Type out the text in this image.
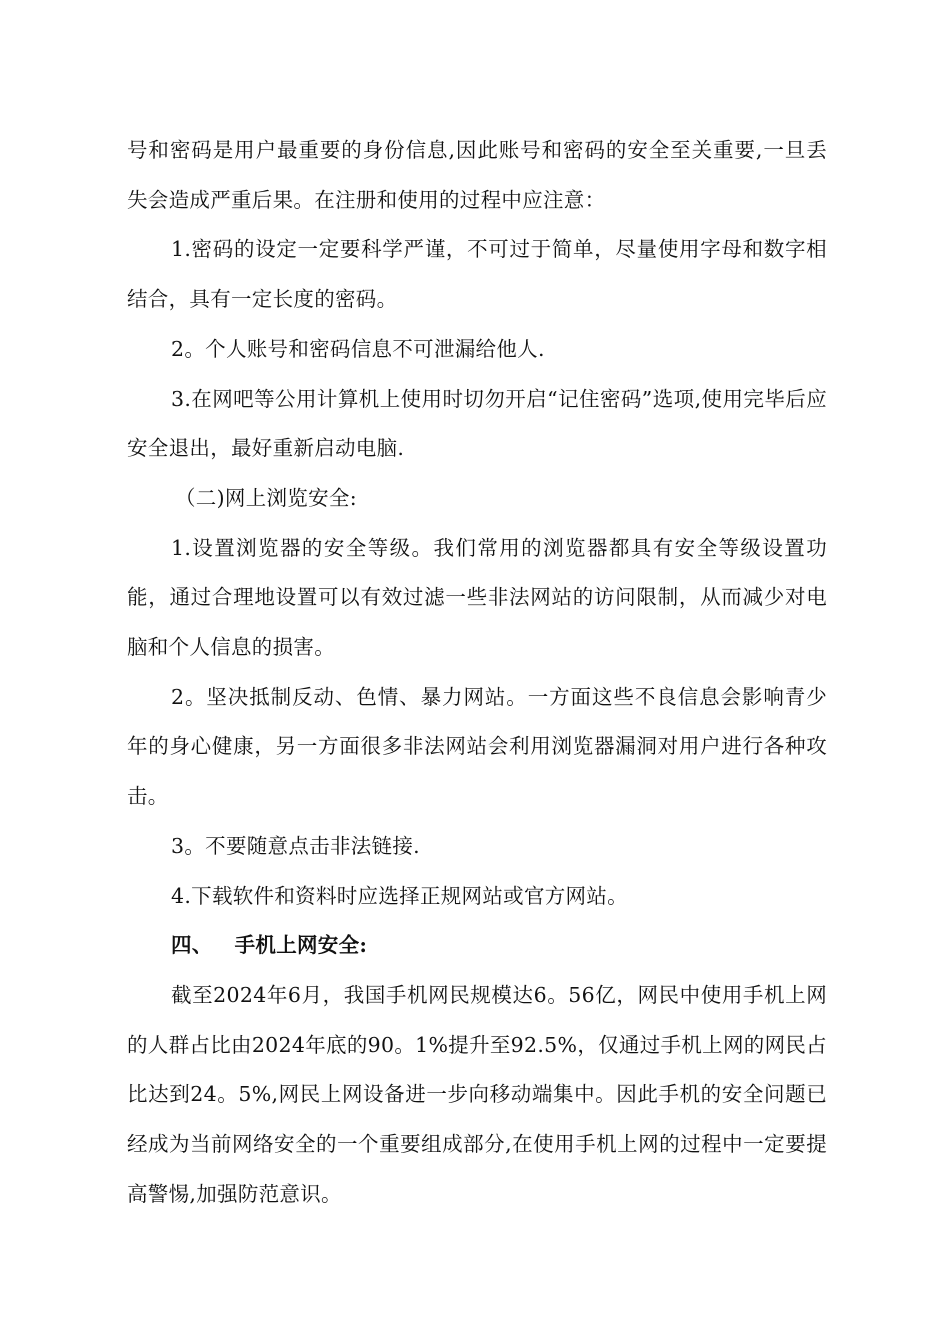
号和密码是用户最重要的身份信息,因此账号和密码的安全至关重要,一旦丢失会造成严重后果。在注册和使用的过程中应注意：

1.密码的设定一定要科学严谨，不可过于简单，尽量使用字母和数字相结合，具有一定长度的密码。

2。个人账号和密码信息不可泄漏给他人.

3.在网吧等公用计算机上使用时切勿开启“记住密码”选项,使用完毕后应安全退出，最好重新启动电脑.

（二)网上浏览安全:

1.设置浏览器的安全等级。我们常用的浏览器都具有安全等级设置功能，通过合理地设置可以有效过滤一些非法网站的访问限制，从而减少对电脑和个人信息的损害。

2。坚决抵制反动、色情、暴力网站。一方面这些不良信息会影响青少年的身心健康，另一方面很多非法网站会利用浏览器漏洞对用户进行各种攻击。

3。不要随意点击非法链接.

4.下载软件和资料时应选择正规网站或官方网站。

四、 手机上网安全:

截至2024年6月，我国手机网民规模达6。56亿，网民中使用手机上网的人群占比由2024年底的90。1%提升至92.5%，仅通过手机上网的网民占比达到24。5%,网民上网设备进一步向移动端集中。因此手机的安全问题已经成为当前网络安全的一个重要组成部分,在使用手机上网的过程中一定要提高警惕,加强防范意识。
